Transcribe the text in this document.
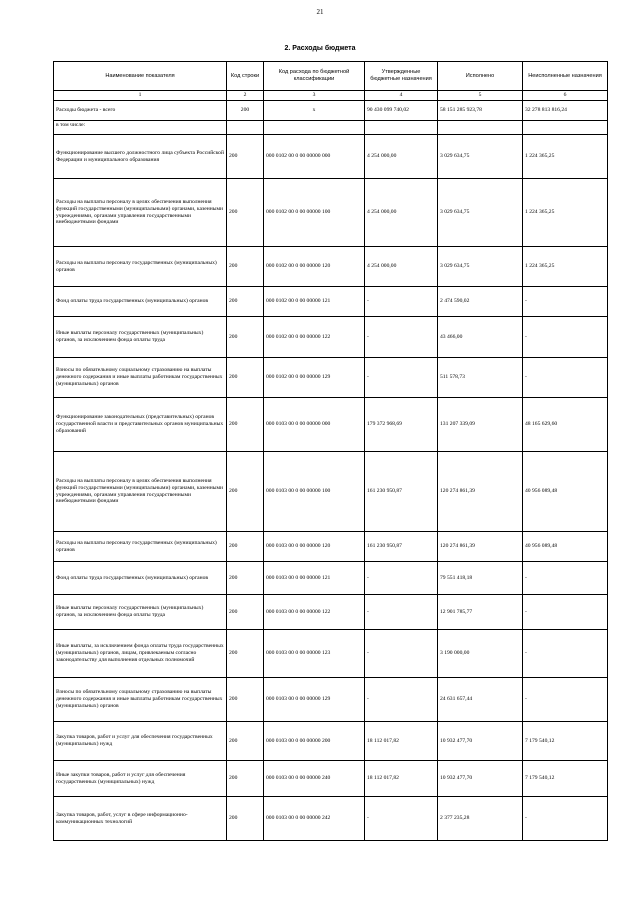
21
2. Расходы бюджета
Наименование показателя	Код строки	Код расхода по бюджетной классификации	Утвержденные бюджетные назначения	Исполнено	Неисполненные назначения
1	2	3	4	5	6
Расходы бюджета - всего	200	x	90 430 099 740,02	58 151 285 923,78	32 278 813 816,24
в том числе:					
Функционирование высшего должностного лица субъекта Российской Федерации и муниципального образования	200	000 0102 00 0 00 00000 000	4 254 000,00	3 029 634,75	1 224 365,25
Расходы на выплаты персоналу в целях обеспечения выполнения функций государственными (муниципальными) органами, казенными учреждениями, органами управления государственными внебюджетными фондами	200	000 0102 00 0 00 00000 100	4 254 000,00	3 029 634,75	1 224 365,25
Расходы на выплаты персоналу государственных (муниципальных) органов	200	000 0102 00 0 00 00000 120	4 254 000,00	3 029 634,75	1 224 365,25
Фонд оплаты труда государственных (муниципальных) органов	200	000 0102 00 0 00 00000 121	-	2 474 590,02	-
Иные выплаты персоналу государственных (муниципальных) органов, за исключением фонда оплаты труда	200	000 0102 00 0 00 00000 122	-	43 466,00	-
Взносы по обязательному социальному страхованию на выплаты денежного содержания и иные выплаты работникам государственных (муниципальных) органов	200	000 0102 00 0 00 00000 129	-	511 578,73	-
Функционирование законодательных (представительных) органов государственной власти и представительных органов муниципальных образований	200	000 0103 00 0 00 00000 000	179 372 968,69	131 207 339,09	48 165 629,60
Расходы на выплаты персоналу в целях обеспечения выполнения функций государственными (муниципальными) органами, казенными учреждениями, органами управления государственными внебюджетными фондами	200	000 0103 00 0 00 00000 100	161 230 950,87	120 274 861,39	40 956 089,48
Расходы на выплаты персоналу государственных (муниципальных) органов	200	000 0103 00 0 00 00000 120	161 230 950,87	120 274 861,39	40 956 089,48
Фонд оплаты труда государственных (муниципальных) органов	200	000 0103 00 0 00 00000 121	-	79 551 418,18	-
Иные выплаты персоналу государственных (муниципальных) органов, за исключением фонда оплаты труда	200	000 0103 00 0 00 00000 122	-	12 901 785,77	-
Иные выплаты, за исключением фонда оплаты труда государственных (муниципальных) органов, лицам, привлекаемым согласно законодательству для выполнения отдельных полномочий	200	000 0103 00 0 00 00000 123	-	3 190 000,00	-
Взносы по обязательному социальному страхованию на выплаты денежного содержания и иные выплаты работникам государственных (муниципальных) органов	200	000 0103 00 0 00 00000 129	-	24 631 657,44	-
Закупка товаров, работ и услуг для обеспечения государственных (муниципальных) нужд	200	000 0103 00 0 00 00000 200	18 112 017,82	10 932 477,70	7 179 540,12
Иные закупки товаров, работ и услуг для обеспечения государственных (муниципальных) нужд	200	000 0103 00 0 00 00000 240	18 112 017,82	10 932 477,70	7 179 540,12
Закупка товаров, работ, услуг в сфере информационно-коммуникационных технологий	200	000 0103 00 0 00 00000 242	-	2 377 235,28	-
